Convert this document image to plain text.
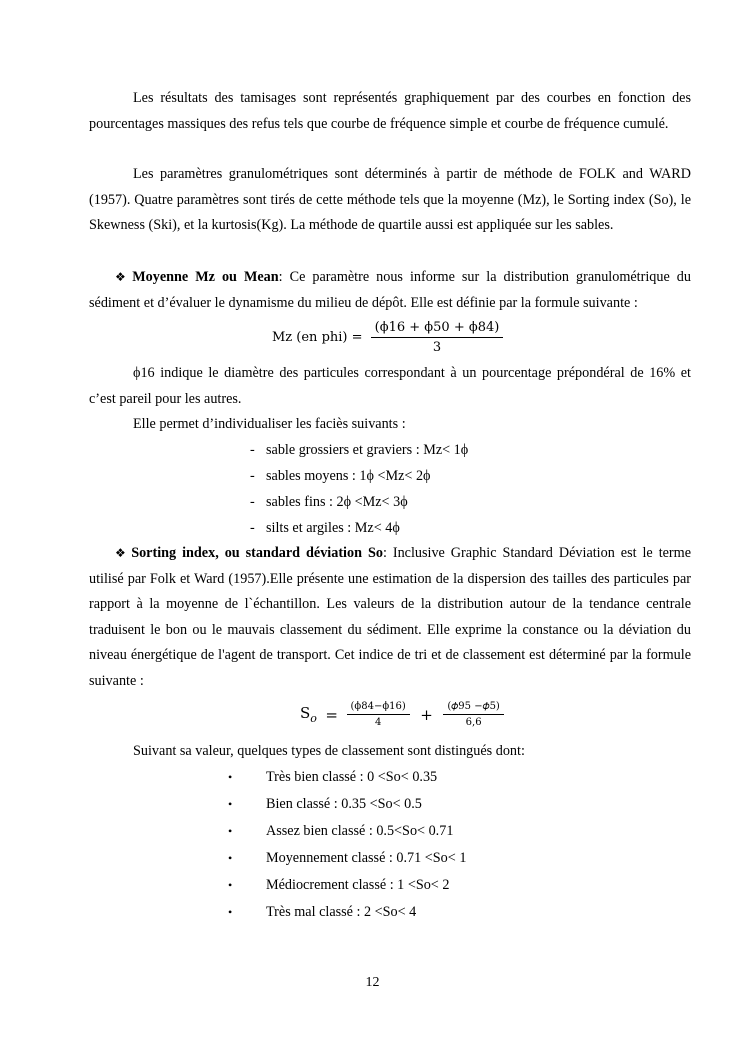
Les résultats des tamisages sont représentés graphiquement par des courbes en fonction des pourcentages massiques des refus tels que courbe de fréquence simple et courbe de fréquence cumulé.

Les paramètres granulométriques sont déterminés à partir de méthode de FOLK and WARD (1957). Quatre paramètres sont tirés de cette méthode tels que la moyenne (Mz), le Sorting index (So), le Skewness (Ski), et la kurtosis(Kg). La méthode de quartile aussi est appliquée sur les sables.

❖ Moyenne Mz ou Mean: Ce paramètre nous informe sur la distribution granulométrique du sédiment et d’évaluer le dynamisme du milieu de dépôt. Elle est définie par la formule suivante :

Mz (en $phi) = \frac{(\phi 16 + \phi 50 + \phi 84)}{3}$

ϕ16 indique le diamètre des particules correspondant à un pourcentage prépondéral de 16% et c’est pareil pour les autres.

Elle permet d’individualiser les faciès suivants :
- sable grossiers et graviers : Mz< 1ϕ
- sables moyens : 1ϕ <Mz< 2ϕ
- sables fins : 2ϕ <Mz< 3ϕ
- silts et argiles : Mz< 4ϕ

❖ Sorting index, ou standard déviation So: Inclusive Graphic Standard Déviation est le terme utilisé par Folk et Ward (1957).Elle présente une estimation de la dispersion des tailles des particules par rapport à la moyenne de l`échantillon. Les valeurs de la distribution autour de la tendance centrale traduisent le bon ou le mauvais classement du sédiment. Elle exprime la constance ou la déviation du niveau énergétique de l'agent de transport. Cet indice de tri et de classement est déterminé par la formule suivante :

$S_o = \frac{(\phi 84-\phi 16)}{4} + \frac{\text{(𝜙95 −𝜙5)}}{6,6}$
Suivant sa valeur, quelques types de classement sont distingués dont:
• Très bien classé : 0 <So< 0.35
• Bien classé : 0.35 <So< 0.5
• Assez bien classé : 0.5<So< 0.71
• Moyennement classé : 0.71 <So< 1
• Médiocrement classé : 1 <So< 2
• Très mal classé : 2 <So< 4
12
